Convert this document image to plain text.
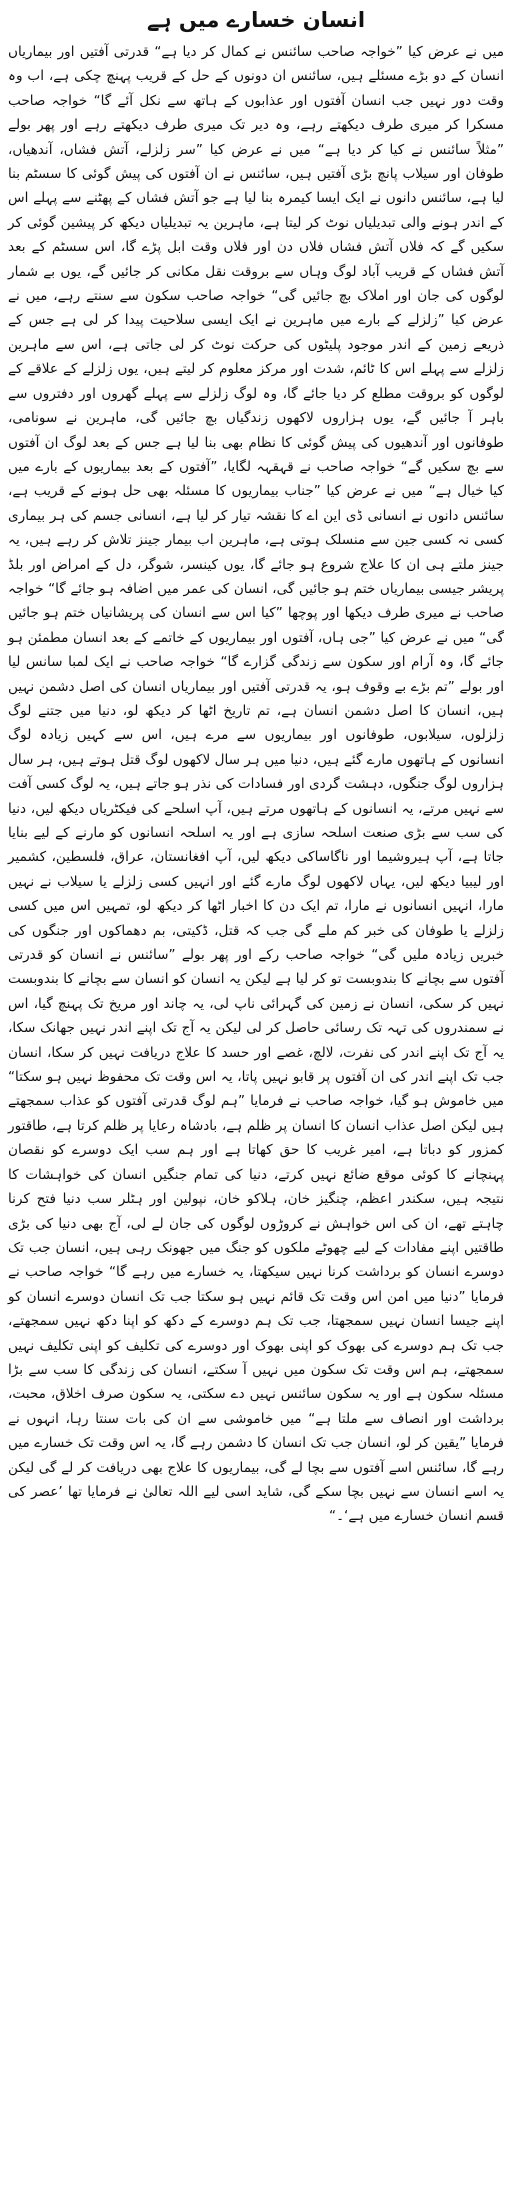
انسان خسارے میں ہے

میں نے عرض کیا ”خواجہ صاحب سائنس نے کمال کر دیا ہے“ قدرتی آفتیں اور بیماریاں انسان کے دو بڑے مسئلے ہیں، سائنس ان دونوں کے حل کے قریب پہنچ چکی ہے، اب وہ وقت دور نہیں جب انسان آفتوں اور عذابوں کے ہاتھ سے نکل آئے گا“ خواجہ صاحب مسکرا کر میری طرف دیکھتے رہے، وہ دیر تک میری طرف دیکھتے رہے اور پھر بولے ”مثلاً سائنس نے کیا کر دیا ہے“ میں نے عرض کیا ”سر زلزلے، آتش فشاں، آندھیاں، طوفان اور سیلاب پانچ بڑی آفتیں ہیں، سائنس نے ان آفتوں کی پیش گوئی کا سسٹم بنا لیا ہے، سائنس دانوں نے ایک ایسا کیمرہ بنا لیا ہے جو آتش فشاں کے پھٹنے سے پہلے اس کے اندر ہونے والی تبدیلیاں نوٹ کر لیتا ہے، ماہرین یہ تبدیلیاں دیکھ کر پیشین گوئی کر سکیں گے کہ فلاں آتش فشاں فلاں دن اور فلاں وقت ابل پڑے گا، اس سسٹم کے بعد آتش فشاں کے قریب آباد لوگ وہاں سے بروقت نقل مکانی کر جائیں گے، یوں بے شمار لوگوں کی جان اور املاک بچ جائیں گی“ خواجہ صاحب سکون سے سنتے رہے، میں نے عرض کیا ”زلزلے کے بارے میں ماہرین نے ایک ایسی سلاحیت پیدا کر لی ہے جس کے ذریعے زمین کے اندر موجود پلیٹوں کی حرکت نوٹ کر لی جاتی ہے، اس سے ماہرین زلزلے سے پہلے اس کا ٹائم، شدت اور مرکز معلوم کر لیتے ہیں، یوں زلزلے کے علاقے کے لوگوں کو بروقت مطلع کر دیا جائے گا، وہ لوگ زلزلے سے پہلے گھروں اور دفتروں سے باہر آ جائیں گے، یوں ہزاروں لاکھوں زندگیاں بچ جائیں گی، ماہرین نے سونامی، طوفانوں اور آندھیوں کی پیش گوئی کا نظام بھی بنا لیا ہے جس کے بعد لوگ ان آفتوں سے بچ سکیں گے“ خواجہ صاحب نے قہقہہ لگایا، ”آفتوں کے بعد بیماریوں کے بارے میں کیا خیال ہے“ میں نے عرض کیا ”جناب بیماریوں کا مسئلہ بھی حل ہونے کے قریب ہے، سائنس دانوں نے انسانی ڈی این اے کا نقشہ تیار کر لیا ہے، انسانی جسم کی ہر بیماری کسی نہ کسی جین سے منسلک ہوتی ہے، ماہرین اب بیمار جینز تلاش کر رہے ہیں، یہ جینز ملتے ہی ان کا علاج شروع ہو جائے گا، یوں کینسر، شوگر، دل کے امراض اور بلڈ پریشر جیسی بیماریاں ختم ہو جائیں گی، انسان کی عمر میں اضافہ ہو جائے گا“ خواجہ صاحب نے میری طرف دیکھا اور پوچھا ”کیا اس سے انسان کی پریشانیاں ختم ہو جائیں گی“ میں نے عرض کیا ”جی ہاں، آفتوں اور بیماریوں کے خاتمے کے بعد انسان مطمئن ہو جائے گا، وہ آرام اور سکون سے زندگی گزارے گا“ خواجہ صاحب نے ایک لمبا سانس لیا اور بولے ”تم بڑے بے وقوف ہو، یہ قدرتی آفتیں اور بیماریاں انسان کی اصل دشمن نہیں ہیں، انسان کا اصل دشمن انسان ہے، تم تاریخ اٹھا کر دیکھ لو، دنیا میں جتنے لوگ زلزلوں، سیلابوں، طوفانوں اور بیماریوں سے مرے ہیں، اس سے کہیں زیادہ لوگ انسانوں کے ہاتھوں مارے گئے ہیں، دنیا میں ہر سال لاکھوں لوگ قتل ہوتے ہیں، ہر سال ہزاروں لوگ جنگوں، دہشت گردی اور فسادات کی نذر ہو جاتے ہیں، یہ لوگ کسی آفت سے نہیں مرتے، یہ انسانوں کے ہاتھوں مرتے ہیں، آپ اسلحے کی فیکٹریاں دیکھ لیں، دنیا کی سب سے بڑی صنعت اسلحہ سازی ہے اور یہ اسلحہ انسانوں کو مارنے کے لیے بنایا جاتا ہے، آپ ہیروشیما اور ناگاساکی دیکھ لیں، آپ افغانستان، عراق، فلسطین، کشمیر اور لیبیا دیکھ لیں، یہاں لاکھوں لوگ مارے گئے اور انہیں کسی زلزلے یا سیلاب نے نہیں مارا، انہیں انسانوں نے مارا، تم ایک دن کا اخبار اٹھا کر دیکھ لو، تمہیں اس میں کسی زلزلے یا طوفان کی خبر کم ملے گی جب کہ قتل، ڈکیتی، بم دھماکوں اور جنگوں کی خبریں زیادہ ملیں گی“ خواجہ صاحب رکے اور پھر بولے ”سائنس نے انسان کو قدرتی آفتوں سے بچانے کا بندوبست تو کر لیا ہے لیکن یہ انسان کو انسان سے بچانے کا بندوبست نہیں کر سکی، انسان نے زمین کی گہرائی ناپ لی، یہ چاند اور مریخ تک پہنچ گیا، اس نے سمندروں کی تہہ تک رسائی حاصل کر لی لیکن یہ آج تک اپنے اندر نہیں جھانک سکا، یہ آج تک اپنے اندر کی نفرت، لالچ، غصے اور حسد کا علاج دریافت نہیں کر سکا، انسان جب تک اپنے اندر کی ان آفتوں پر قابو نہیں پاتا، یہ اس وقت تک محفوظ نہیں ہو سکتا“ میں خاموش ہو گیا، خواجہ صاحب نے فرمایا ”ہم لوگ قدرتی آفتوں کو عذاب سمجھتے ہیں لیکن اصل عذاب انسان کا انسان پر ظلم ہے، بادشاہ رعایا پر ظلم کرتا ہے، طاقتور کمزور کو دباتا ہے، امیر غریب کا حق کھاتا ہے اور ہم سب ایک دوسرے کو نقصان پہنچانے کا کوئی موقع ضائع نہیں کرتے، دنیا کی تمام جنگیں انسان کی خواہشات کا نتیجہ ہیں، سکندر اعظم، چنگیز خان، ہلاکو خان، نپولین اور ہٹلر سب دنیا فتح کرنا چاہتے تھے، ان کی اس خواہش نے کروڑوں لوگوں کی جان لے لی، آج بھی دنیا کی بڑی طاقتیں اپنے مفادات کے لیے چھوٹے ملکوں کو جنگ میں جھونک رہی ہیں، انسان جب تک دوسرے انسان کو برداشت کرنا نہیں سیکھتا، یہ خسارے میں رہے گا“ خواجہ صاحب نے فرمایا ”دنیا میں امن اس وقت تک قائم نہیں ہو سکتا جب تک انسان دوسرے انسان کو اپنے جیسا انسان نہیں سمجھتا، جب تک ہم دوسرے کے دکھ کو اپنا دکھ نہیں سمجھتے، جب تک ہم دوسرے کی بھوک کو اپنی بھوک اور دوسرے کی تکلیف کو اپنی تکلیف نہیں سمجھتے، ہم اس وقت تک سکون میں نہیں آ سکتے، انسان کی زندگی کا سب سے بڑا مسئلہ سکون ہے اور یہ سکون سائنس نہیں دے سکتی، یہ سکون صرف اخلاق، محبت، برداشت اور انصاف سے ملتا ہے“ میں خاموشی سے ان کی بات سنتا رہا، انہوں نے فرمایا ”یقین کر لو، انسان جب تک انسان کا دشمن رہے گا، یہ اس وقت تک خسارے میں رہے گا، سائنس اسے آفتوں سے بچا لے گی، بیماریوں کا علاج بھی دریافت کر لے گی لیکن یہ اسے انسان سے نہیں بچا سکے گی، شاید اسی لیے اللہ تعالیٰ نے فرمایا تھا ’عصر کی قسم انسان خسارے میں ہے‘۔“
